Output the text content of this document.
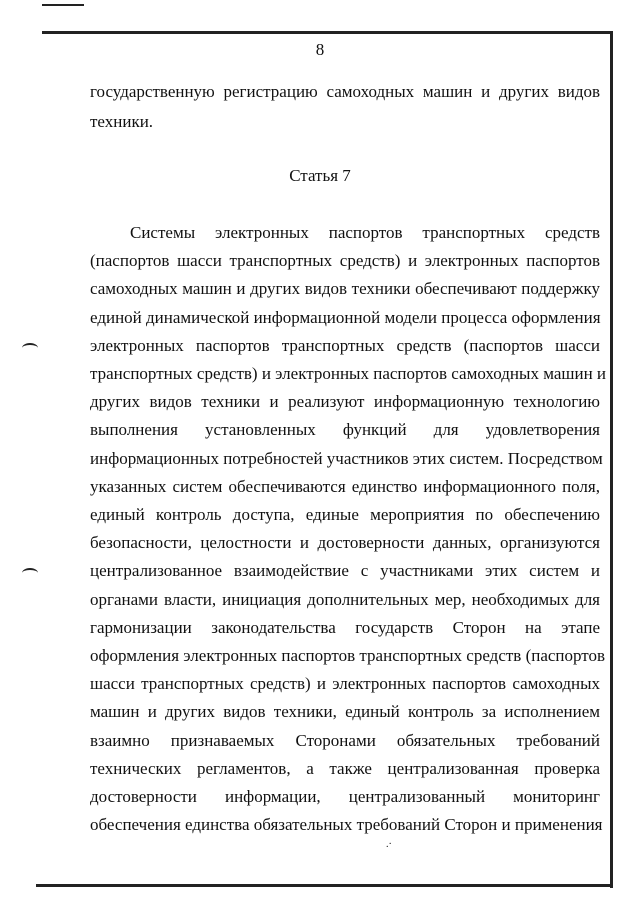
8
государственную регистрацию самоходных машин и других видов
техники.
Статья 7
Системы электронных паспортов транспортных средств
(паспортов шасси транспортных средств) и электронных паспортов
самоходных машин и других видов техники обеспечивают поддержку
единой динамической информационной модели процесса оформления
электронных паспортов транспортных средств (паспортов шасси
транспортных средств) и электронных паспортов самоходных машин и
других видов техники и реализуют информационную технологию
выполнения установленных функций для удовлетворения
информационных потребностей участников этих систем. Посредством
указанных систем обеспечиваются единство информационного поля,
единый контроль доступа, единые мероприятия по обеспечению
безопасности, целостности и достоверности данных, организуются
централизованное взаимодействие с участниками этих систем и
органами власти, инициация дополнительных мер, необходимых для
гармонизации законодательства государств Сторон на этапе
оформления электронных паспортов транспортных средств (паспортов
шасси транспортных средств) и электронных паспортов самоходных
машин и других видов техники, единый контроль за исполнением
взаимно признаваемых Сторонами обязательных требований
технических регламентов, а также централизованная проверка
достоверности информации, централизованный мониторинг
обеспечения единства обязательных требований Сторон и применения
.·
